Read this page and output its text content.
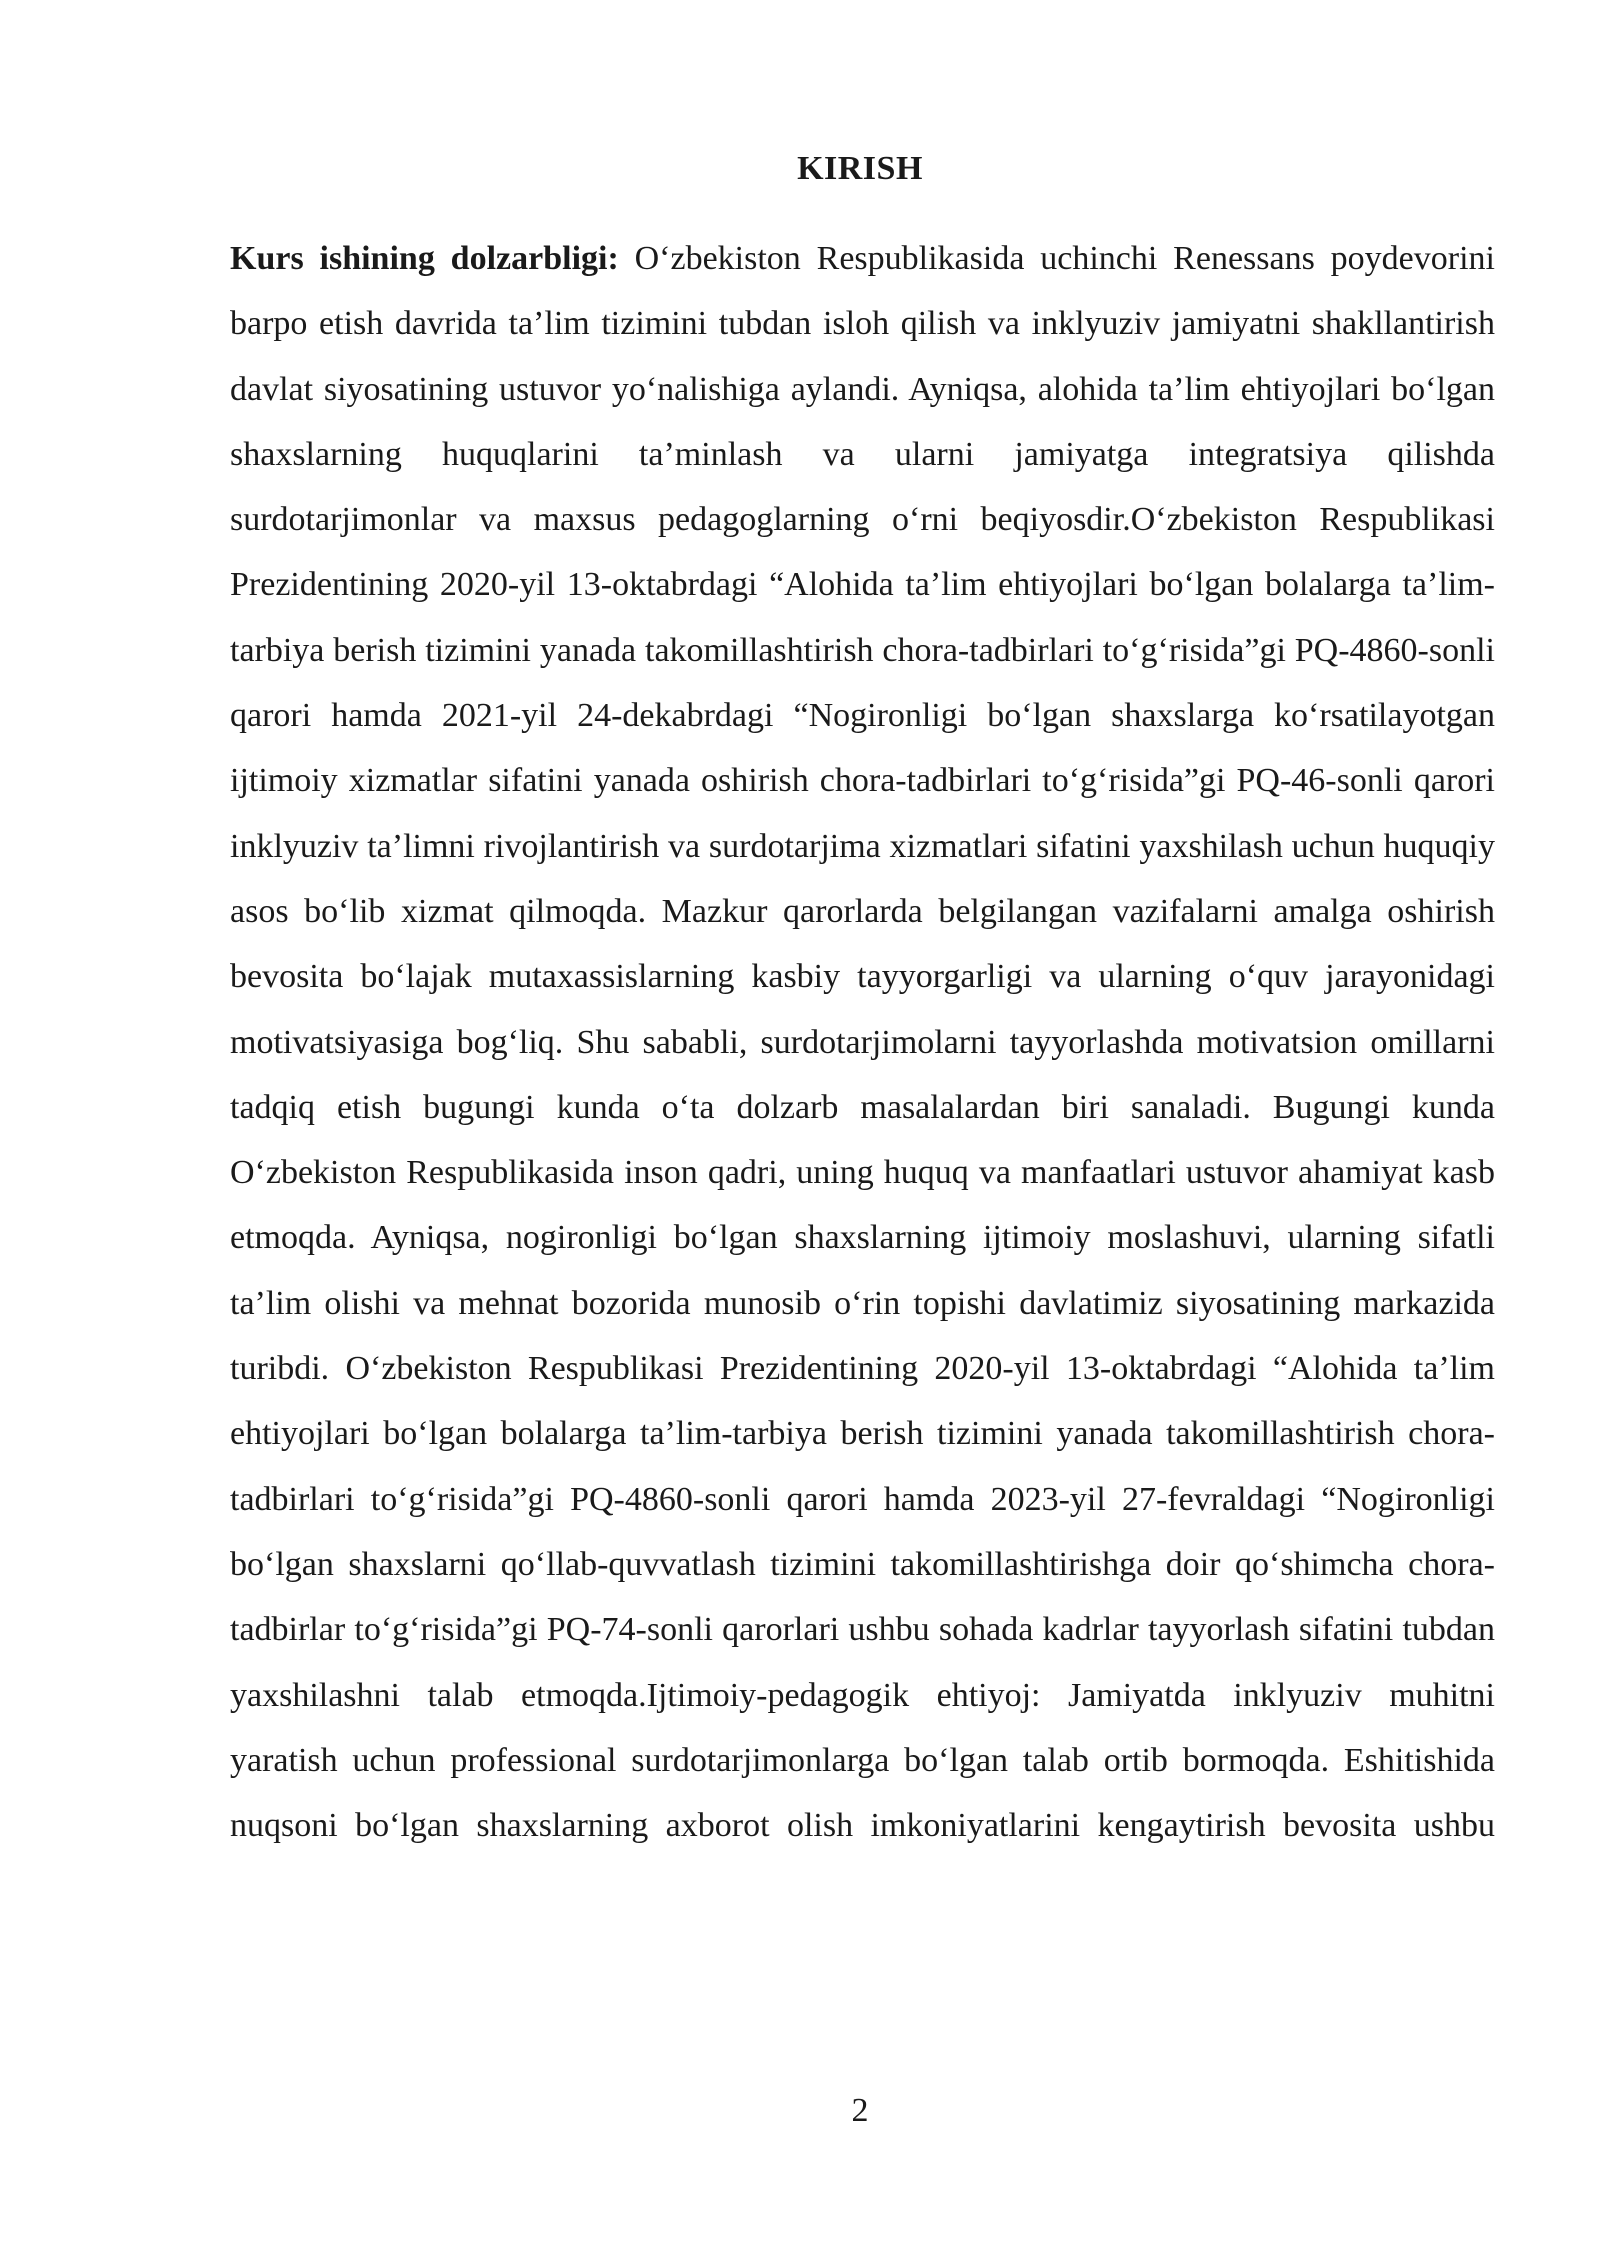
KIRISH

Kurs ishining dolzarbligi: Oʻzbekiston Respublikasida uchinchi Renessans poydevorini barpo etish davrida ta’lim tizimini tubdan isloh qilish va inklyuziv jamiyatni shakllantirish davlat siyosatining ustuvor yoʻnalishiga aylandi. Ayniqsa, alohida ta’lim ehtiyojlari boʻlgan shaxslarning huquqlarini ta’minlash va ularni jamiyatga integratsiya qilishda surdotarjimonlar va maxsus pedagoglarning oʻrni beqiyosdir.Oʻzbekiston Respublikasi Prezidentining 2020-yil 13-oktabrdagi “Alohida ta’lim ehtiyojlari boʻlgan bolalarga ta’lim-tarbiya berish tizimini yanada takomillashtirish chora-tadbirlari toʻgʻrisida”gi PQ-4860-sonli qarori hamda 2021-yil 24-dekabrdagi “Nogironligi boʻlgan shaxslarga koʻrsatilayotgan ijtimoiy xizmatlar sifatini yanada oshirish chora-tadbirlari toʻgʻrisida”gi PQ-46-sonli qarori inklyuziv ta’limni rivojlantirish va surdotarjima xizmatlari sifatini yaxshilash uchun huquqiy asos boʻlib xizmat qilmoqda. Mazkur qarorlarda belgilangan vazifalarni amalga oshirish bevosita boʻlajak mutaxassislarning kasbiy tayyorgarligi va ularning oʻquv jarayonidagi motivatsiyasiga bogʻliq. Shu sababli, surdotarjimolarni tayyorlashda motivatsion omillarni tadqiq etish bugungi kunda oʻta dolzarb masalalardan biri sanaladi. Bugungi kunda Oʻzbekiston Respublikasida inson qadri, uning huquq va manfaatlari ustuvor ahamiyat kasb etmoqda. Ayniqsa, nogironligi boʻlgan shaxslarning ijtimoiy moslashuvi, ularning sifatli ta’lim olishi va mehnat bozorida munosib oʻrin topishi davlatimiz siyosatining markazida turibdi. Oʻzbekiston Respublikasi Prezidentining 2020-yil 13-oktabrdagi “Alohida ta’lim ehtiyojlari boʻlgan bolalarga ta’lim-tarbiya berish tizimini yanada takomillashtirish chora-tadbirlari toʻgʻrisida”gi PQ-4860-sonli qarori hamda 2023-yil 27-fevraldagi “Nogironligi boʻlgan shaxslarni qoʻllab-quvvatlash tizimini takomillashtirishga doir qoʻshimcha chora-tadbirlar toʻgʻrisida”gi PQ-74-sonli qarorlari ushbu sohada kadrlar tayyorlash sifatini tubdan yaxshilashni talab etmoqda.Ijtimoiy-pedagogik ehtiyoj: Jamiyatda inklyuziv muhitni yaratish uchun professional surdotarjimonlarga boʻlgan talab ortib bormoqda. Eshitishida nuqsoni boʻlgan shaxslarning axborot olish imkoniyatlarini kengaytirish bevosita ushbu

2
